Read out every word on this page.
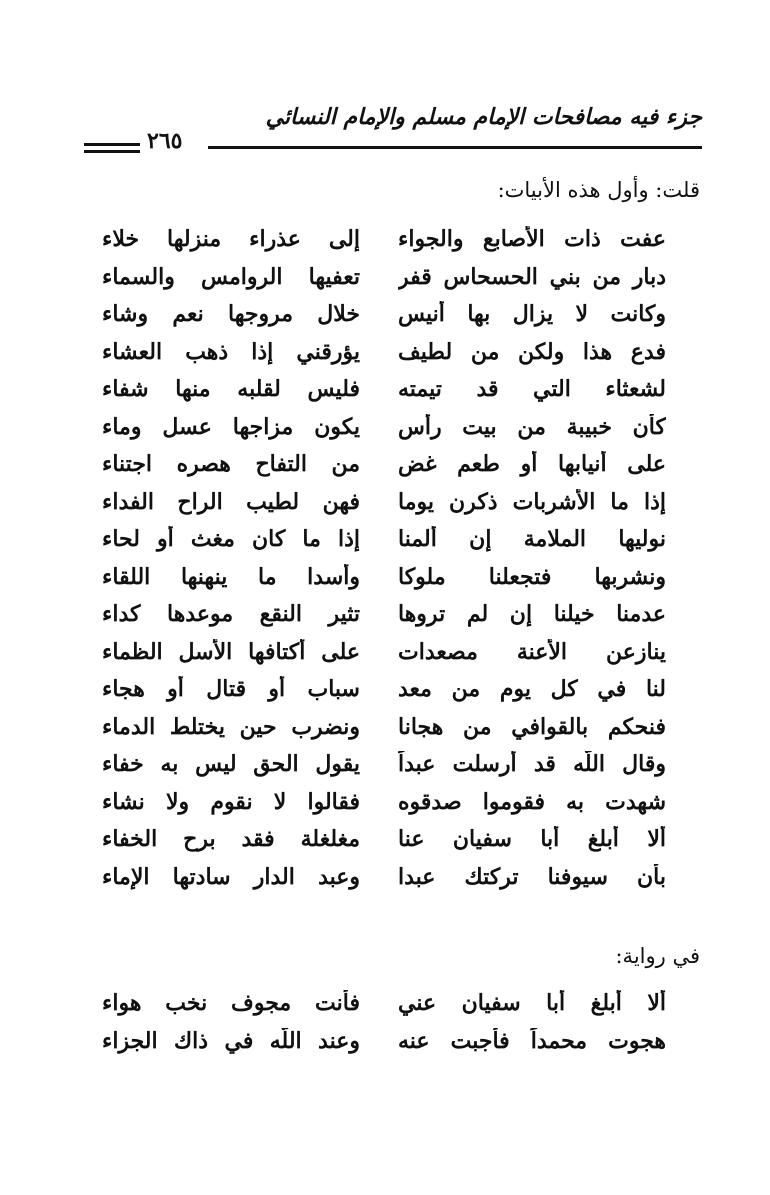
جزء فيه مصافحات الإمام مسلم والإمام النسائي
٢٦٥
قلت: وأول هذه الأبيات:
عفت ذات الأصابع والجواء
إلى عذراء منزلها خلاء
دبار من بني الحسحاس قفر
تعفيها الروامس والسماء
وكانت لا يزال بها أنيس
خلال مروجها نعم وشاء
فدع هذا ولكن من لطيف
يؤرقني إذا ذهب العشاء
لشعثاء التي قد تيمته
فليس لقلبه منها شفاء
كأن خبيبة من بيت رأس
يكون مزاجها عسل وماء
على أنيابها أو طعم غض
من التفاح هصره اجتناء
إذا ما الأشربات ذكرن يوما
فهن لطيب الراح الفداء
نوليها الملامة إن ألمنا
إذا ما كان مغث أو لحاء
ونشربها فتجعلنا ملوكا
وأسدا ما ينهنها اللقاء
عدمنا خيلنا إن لم تروها
تثير النقع موعدها كداء
ينازعن الأعنة مصعدات
على أكتافها الأسل الظماء
لنا في كل يوم من معد
سباب أو قتال أو هجاء
فنحكم بالقوافي من هجانا
ونضرب حين يختلط الدماء
وقال اللّه قد أرسلت عبداً
يقول الحق ليس به خفاء
شهدت به فقوموا صدقوه
فقالوا لا نقوم ولا نشاء
ألا أبلغ أبا سفيان عنا
مغلغلة فقد برح الخفاء
بأن سيوفنا تركتك عبدا
وعبد الدار سادتها الإماء
في رواية:
ألا أبلغ أبا سفيان عني
فأنت مجوف نخب هواء
هجوت محمداً فأجبت عنه
وعند اللّه في ذاك الجزاء
